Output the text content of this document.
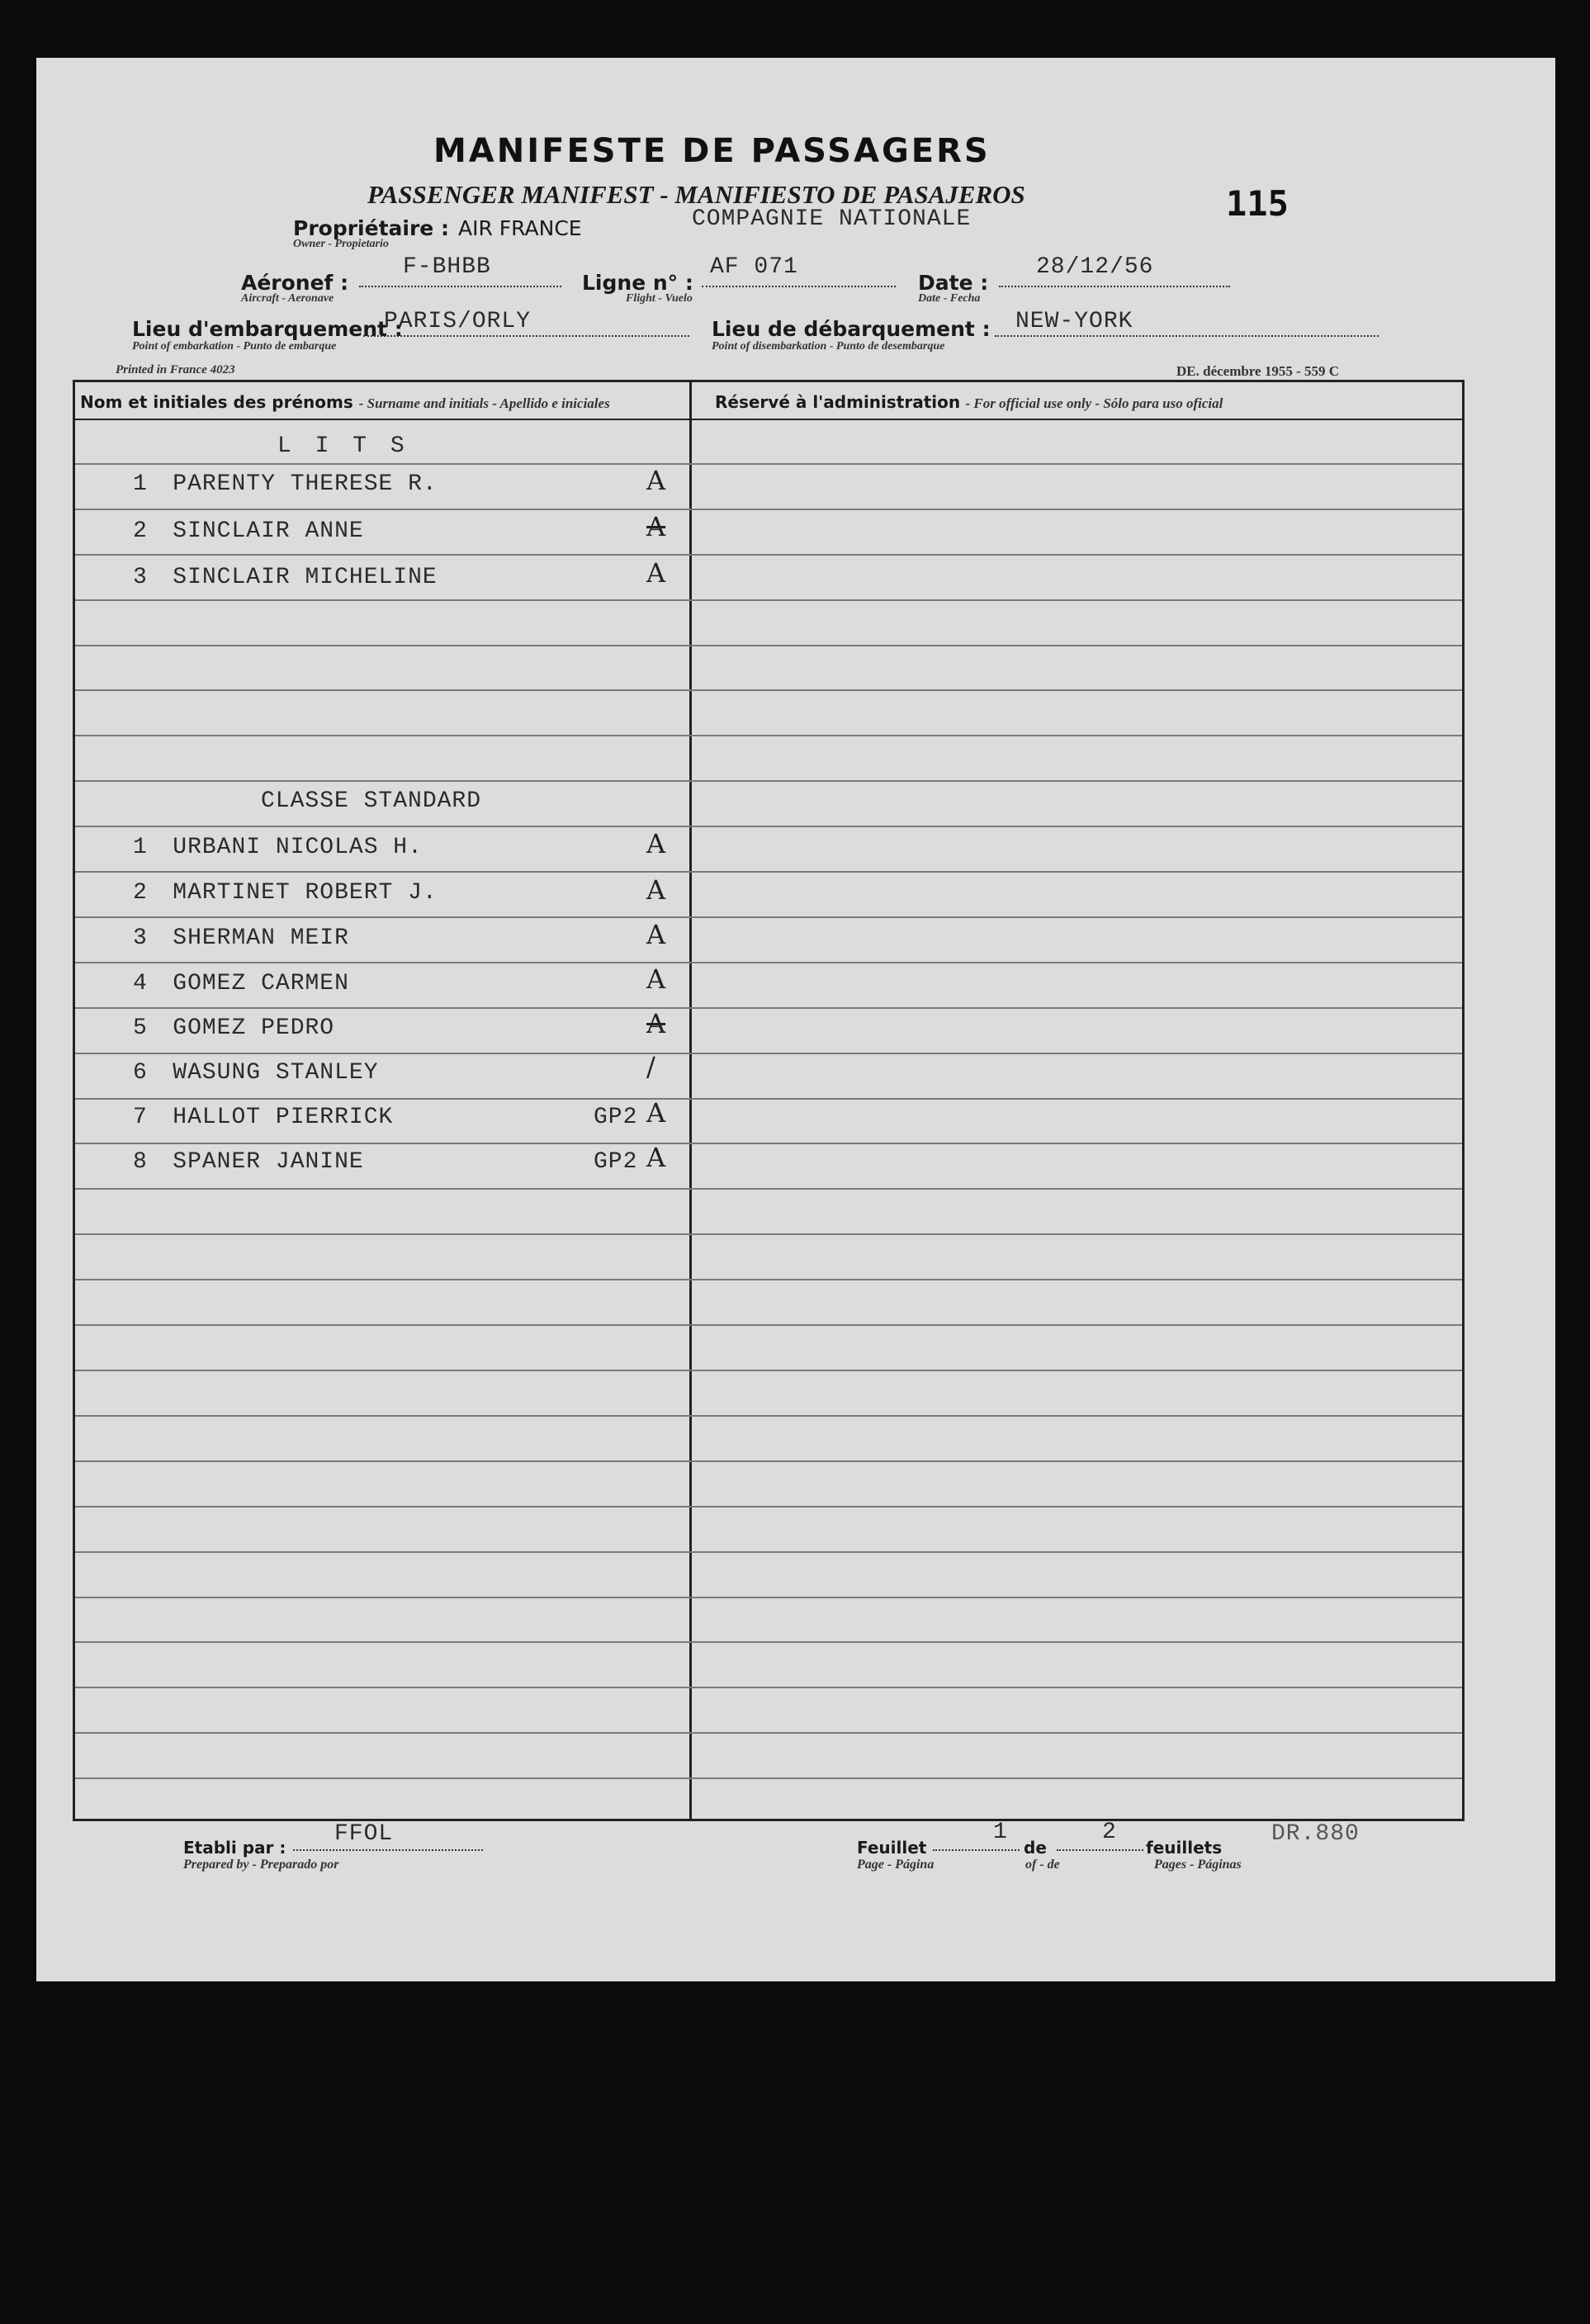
MANIFESTE DE PASSAGERS
PASSENGER MANIFEST - MANIFIESTO DE PASAJEROS	115
Propriétaire : AIR FRANCE	COMPAGNIE NATIONALE
Owner - Propietario
Aéronef :
F-BHBB
Aircraft - Aeronave
Ligne n° :
AF 071
Flight - Vuelo
Date :
28/12/56
Date - Fecha
Lieu d'embarquement :
PARIS/ORLY
Point of embarkation - Punto de embarque
Lieu de débarquement : NEW-YORK
Point of disembarkation - Punto de desembarque
Printed in France 4023	DE. décembre 1955 - 559 C
Nom et initiales des prénoms - Surname and initials - Apellido e iniciales	Réservé à l'administration - For official use only - Sólo para uso oficial
L I T S
CLASSE STANDARD
1 PARENTY THERESE R.	A
2 SINCLAIR ANNE	A
3 SINCLAIR MICHELINE	A
1 URBANI NICOLAS H.	A
2 MARTINET ROBERT J.	A
3 SHERMAN MEIR	A
4 GOMEZ CARMEN	A
5 GOMEZ PEDRO	A
6 WASUNG STANLEY	/
7 HALLOT PIERRICK	GP2 A
8 SPANER JANINE	GP2 A
Etabli par :
FFOL
Prepared by - Preparado por
Feuillet
1
de
2
feuillets
Page - Página	of - de	Pages - Páginas
DR.880
